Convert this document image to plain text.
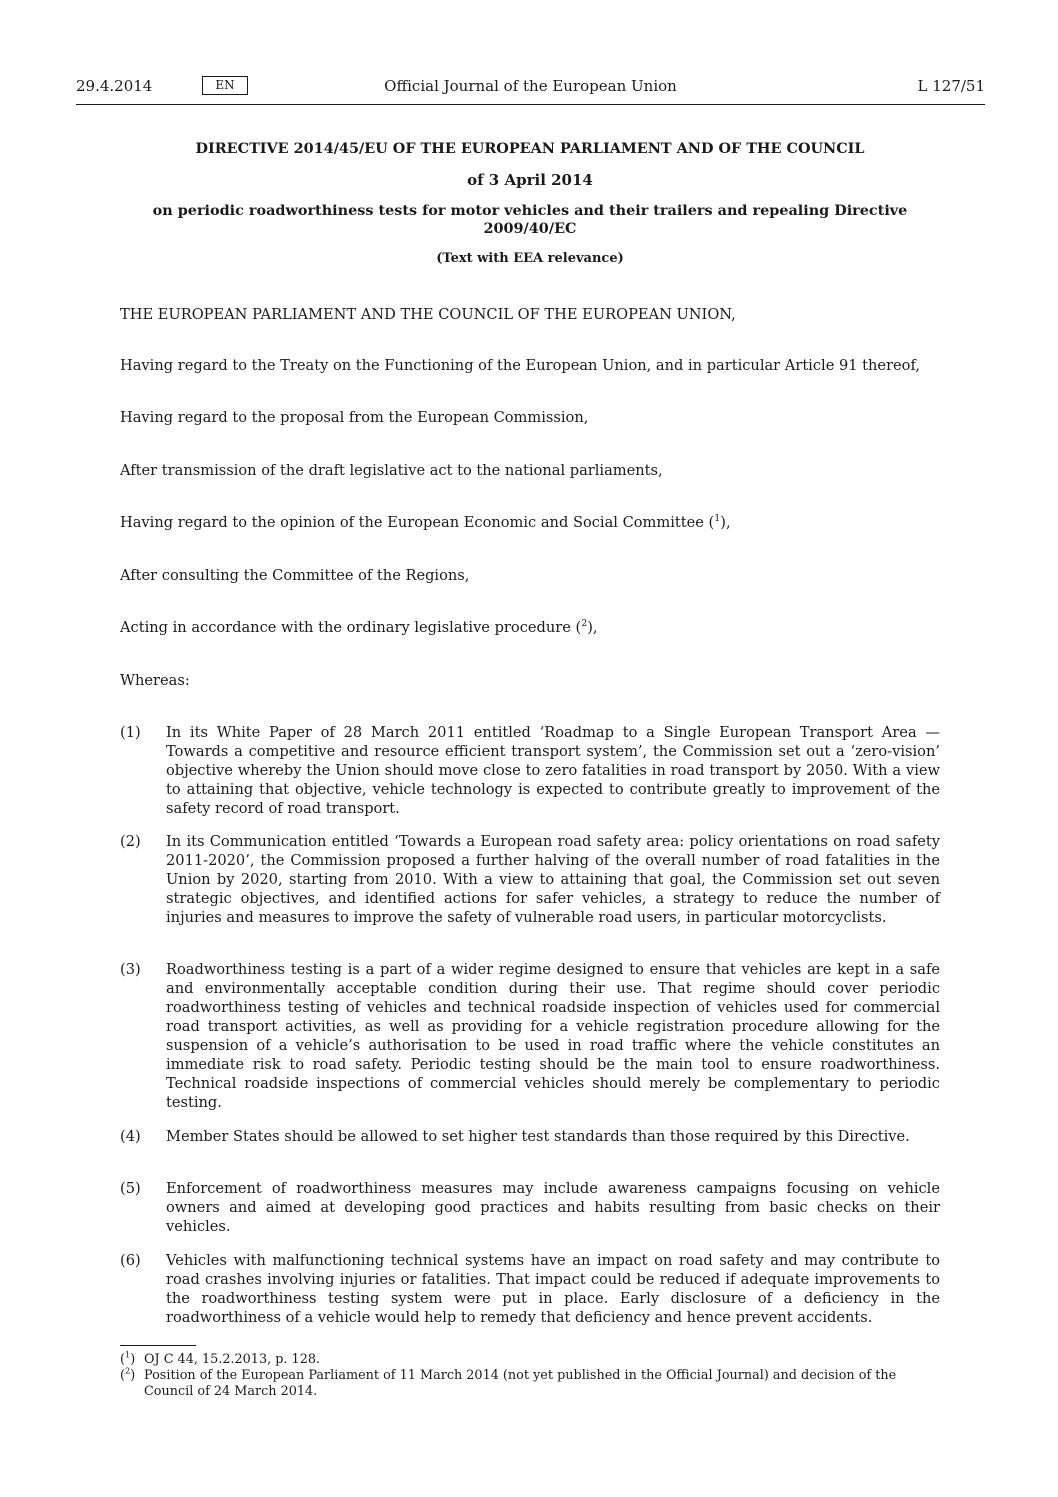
29.4.2014	EN	Official Journal of the European Union	L 127/51

DIRECTIVE 2014/45/EU OF THE EUROPEAN PARLIAMENT AND OF THE COUNCIL

of 3 April 2014

on periodic roadworthiness tests for motor vehicles and their trailers and repealing Directive 2009/40/EC

(Text with EEA relevance)

THE EUROPEAN PARLIAMENT AND THE COUNCIL OF THE EUROPEAN UNION,
Having regard to the Treaty on the Functioning of the European Union, and in particular Article 91 thereof,
Having regard to the proposal from the European Commission,
After transmission of the draft legislative act to the national parliaments,
Having regard to the opinion of the European Economic and Social Committee ($^1$),
After consulting the Committee of the Regions,
Acting in accordance with the ordinary legislative procedure ($^2$),
Whereas:
(1) In its White Paper of 28 March 2011 entitled ‘Roadmap to a Single European Transport Area — Towards a competitive and resource efficient transport system’, the Commission set out a ‘zero-vision’ objective whereby the Union should move close to zero fatalities in road transport by 2050. With a view to attaining that objective, vehicle technology is expected to contribute greatly to improvement of the safety record of road transport.
(2) In its Communication entitled ‘Towards a European road safety area: policy orientations on road safety 2011-2020’, the Commission proposed a further halving of the overall number of road fatalities in the Union by 2020, starting from 2010. With a view to attaining that goal, the Commission set out seven strategic objectives, and identified actions for safer vehicles, a strategy to reduce the number of injuries and measures to improve the safety of vulnerable road users, in particular motorcyclists.
(3) Roadworthiness testing is a part of a wider regime designed to ensure that vehicles are kept in a safe and environmentally acceptable condition during their use. That regime should cover periodic roadworthiness testing of vehicles and technical roadside inspection of vehicles used for commercial road transport activities, as well as providing for a vehicle registration procedure allowing for the suspension of a vehicle’s authorisation to be used in road traffic where the vehicle constitutes an immediate risk to road safety. Periodic testing should be the main tool to ensure roadworthiness. Technical roadside inspections of commercial vehicles should merely be complementary to periodic testing.
(4) Member States should be allowed to set higher test standards than those required by this Directive.
(5) Enforcement of roadworthiness measures may include awareness campaigns focusing on vehicle owners and aimed at developing good practices and habits resulting from basic checks on their vehicles.
(6) Vehicles with malfunctioning technical systems have an impact on road safety and may contribute to road crashes involving injuries or fatalities. That impact could be reduced if adequate improvements to the roadworthiness testing system were put in place. Early disclosure of a deficiency in the roadworthiness of a vehicle would help to remedy that deficiency and hence prevent accidents.
($^1$) OJ C 44, 15.2.2013, p. 128.
($^2$) Position of the European Parliament of 11 March 2014 (not yet published in the Official Journal) and decision of the Council of 24 March 2014.
